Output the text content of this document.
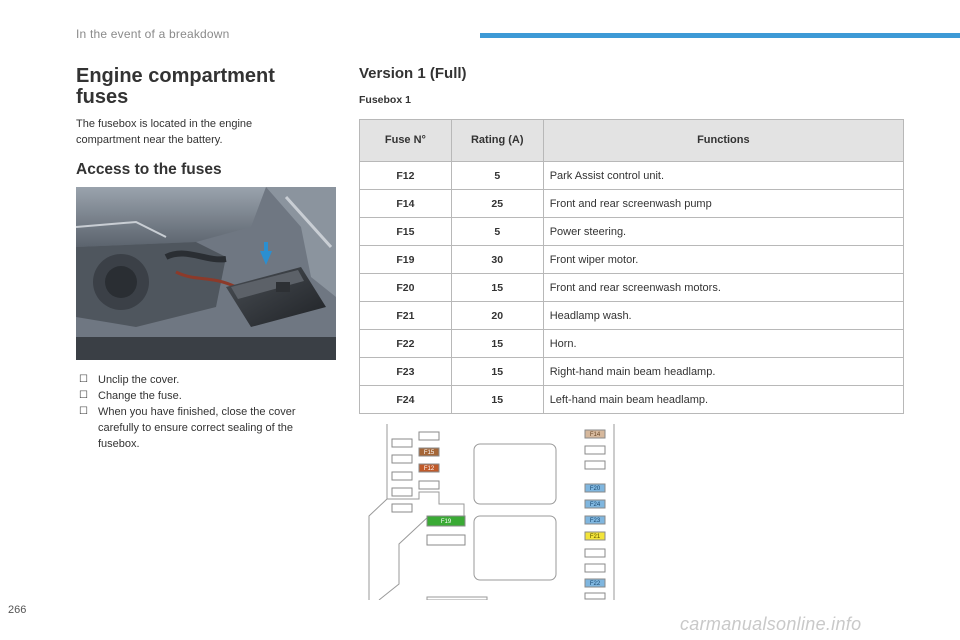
In the event of a breakdown
Engine compartment fuses
The fusebox is located in the engine compartment near the battery.
Access to the fuses
☐ Unclip the cover.
☐ Change the fuse.
☐ When you have finished, close the cover carefully to ensure correct sealing of the fusebox.
Version 1 (Full)
Fusebox 1
Fuse N°	Rating (A)	Functions
F12	5	Park Assist control unit.
F14	25	Front and rear screenwash pump
F15	5	Power steering.
F19	30	Front wiper motor.
F20	15	Front and rear screenwash motors.
F21	20	Headlamp wash.
F22	15	Horn.
F23	15	Right-hand main beam headlamp.
F24	15	Left-hand main beam headlamp.
F14
F15
F12
F19
F20
F24
F23
F21
F22
266
carmanualsonline.info
